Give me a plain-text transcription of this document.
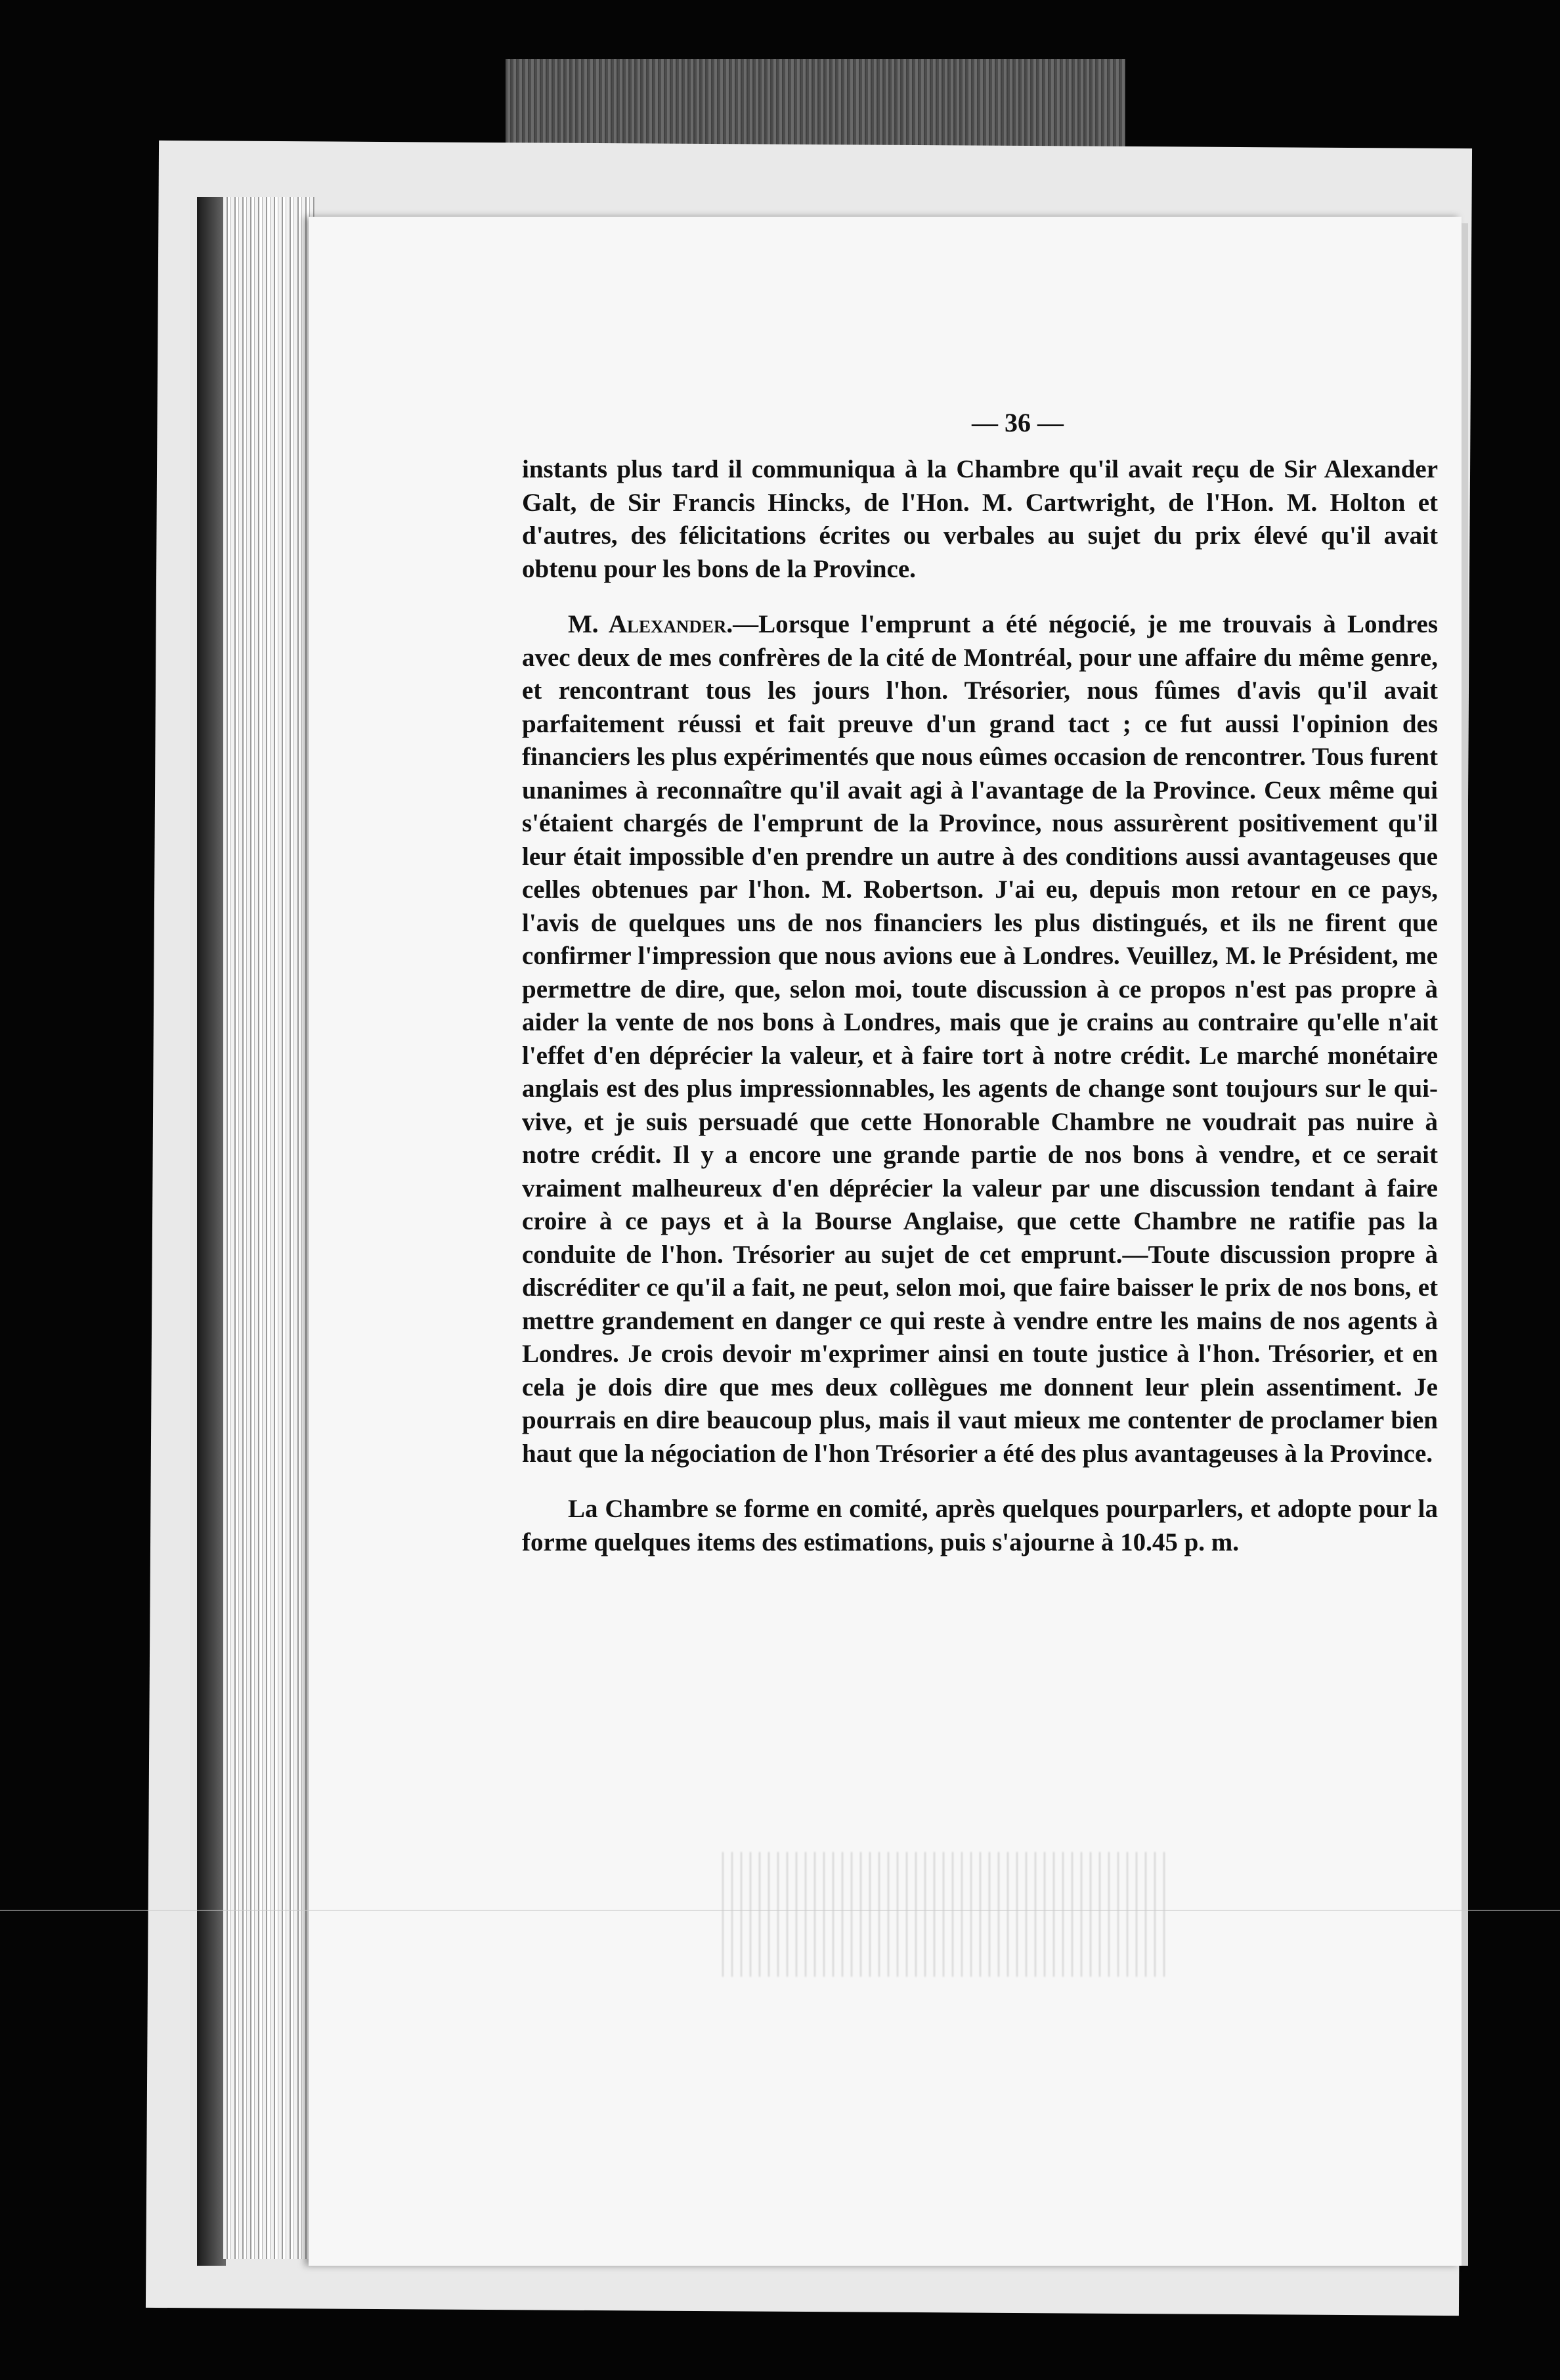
— 36 —

instants plus tard il communiqua à la Chambre qu'il avait reçu de Sir Alexander Galt, de Sir Francis Hincks, de l'Hon. M. Cartwright, de l'Hon. M. Holton et d'autres, des félicitations écrites ou verbales au sujet du prix élevé qu'il avait obtenu pour les bons de la Province.

M. Alexander.—Lorsque l'emprunt a été négocié, je me trouvais à Londres avec deux de mes confrères de la cité de Montréal, pour une affaire du même genre, et rencontrant tous les jours l'hon. Trésorier, nous fûmes d'avis qu'il avait parfaitement réussi et fait preuve d'un grand tact ; ce fut aussi l'opinion des financiers les plus expérimentés que nous eûmes occasion de rencontrer. Tous furent unanimes à reconnaître qu'il avait agi à l'avantage de la Province. Ceux même qui s'étaient chargés de l'emprunt de la Province, nous assurèrent positivement qu'il leur était impossible d'en prendre un autre à des conditions aussi avantageuses que celles obtenues par l'hon. M. Robertson. J'ai eu, depuis mon retour en ce pays, l'avis de quelques uns de nos financiers les plus distingués, et ils ne firent que confirmer l'impression que nous avions eue à Londres. Veuillez, M. le Président, me permettre de dire, que, selon moi, toute discussion à ce propos n'est pas propre à aider la vente de nos bons à Londres, mais que je crains au contraire qu'elle n'ait l'effet d'en déprécier la valeur, et à faire tort à notre crédit. Le marché monétaire anglais est des plus impressionnables, les agents de change sont toujours sur le qui-vive, et je suis persuadé que cette Honorable Chambre ne voudrait pas nuire à notre crédit. Il y a encore une grande partie de nos bons à vendre, et ce serait vraiment malheureux d'en déprécier la valeur par une discussion tendant à faire croire à ce pays et à la Bourse Anglaise, que cette Chambre ne ratifie pas la conduite de l'hon. Trésorier au sujet de cet emprunt.—Toute discussion propre à discréditer ce qu'il a fait, ne peut, selon moi, que faire baisser le prix de nos bons, et mettre grandement en danger ce qui reste à vendre entre les mains de nos agents à Londres. Je crois devoir m'exprimer ainsi en toute justice à l'hon. Trésorier, et en cela je dois dire que mes deux collègues me donnent leur plein assentiment. Je pourrais en dire beaucoup plus, mais il vaut mieux me contenter de proclamer bien haut que la négociation de l'hon Trésorier a été des plus avantageuses à la Province.

La Chambre se forme en comité, après quelques pourparlers, et adopte pour la forme quelques items des estimations, puis s'ajourne à 10.45 p. m.
